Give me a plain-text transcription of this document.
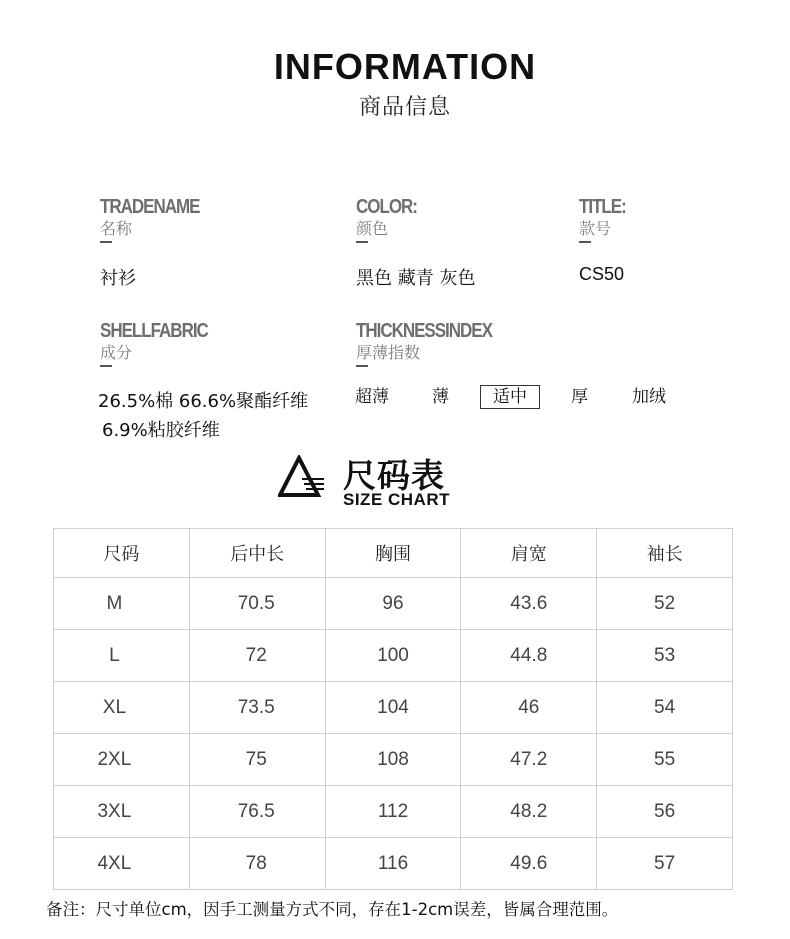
INFORMATION
商品信息
TRADENAME
名称
衬衫
COLOR:
颜色
黑色 藏青 灰色
TITLE:
款号
CS50
SHELLFABRIC
成分
26.5%棉 66.6%聚酯纤维
6.9%粘胶纤维
THICKNESSINDEX
厚薄指数
超薄	薄	适中	厚	加绒
尺码表
SIZE CHART
尺码	后中长	胸围	肩宽	袖长
M	70.5	96	43.6	52
L	72	100	44.8	53
XL	73.5	104	46	54
2XL	75	108	47.2	55
3XL	76.5	112	48.2	56
4XL	78	116	49.6	57
备注：尺寸单位cm，因手工测量方式不同，存在1-2cm误差，皆属合理范围。
